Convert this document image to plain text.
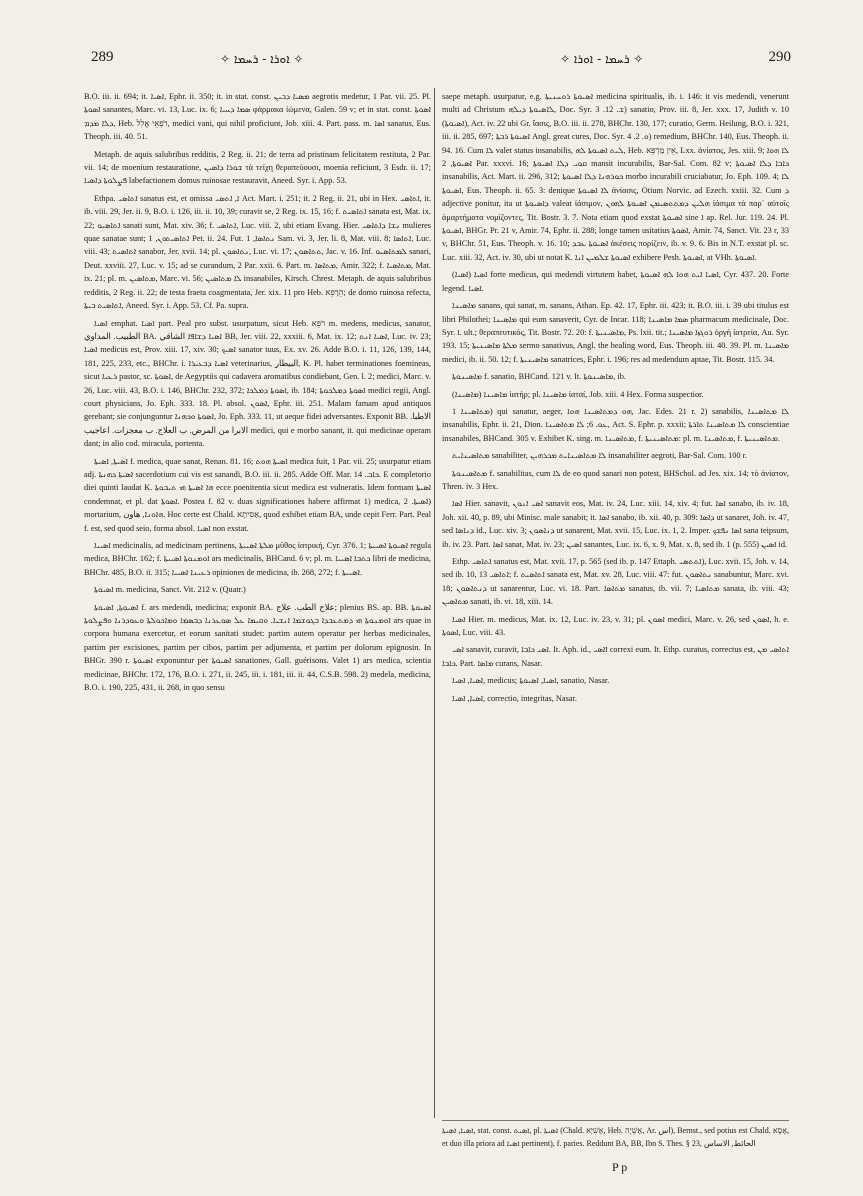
289	✧ ܐܘܪܐ - ܪܚܡܐ ✧	✧ ܪܚܡܐ - ܐܘܪܐ ✧	290

B.O. iii. ii. 694; it. ܐܣܝܐ, Ephr. ii. 350; it. in stat. const. ܡܣܝܐ ܕܒܝܢ aegrotis medetur, 1 Par. vii. 25. Pl. ܐܣܘܬܐ sanantes, Marc. vi. 13, Luc. ix. 6; ܣܡܐ ܕܚܝܐ φάρμακα ἰώμενα, Galen. 59 v; et in stat. const. ܐܣܘܬܐ ܕܠܐ ܡܕܡ, Heb. רֹפְאֵי אֱלִל, medici vani, qui nihil proficiunt, Job. xiii. 4. Part. pass. m. ܐܣܐ sanatus, Eus. Theoph. iii. 40. 51.

Metaph. de aquis salubribus redditis, 2 Reg. ii. 21; de terra ad pristinam felicitatem restituta, 2 Par. vii. 14; de moenium restauratione, ܫܘܪܐ ܕܐܣܝܢ τὰ τείχη θεραπεύουσι, moenia reficiunt, 3 Esdr. ii. 17; ܦܨܠܘܬܐ ܕܐܣܝܐ labefactionem domus ruinosae restauravit, Aneed. Syr. i. App. 53.

Ethpa. ܐܬܐܣܝ sanatus est, et omissa ܐ, ܐܬܣܝ Act. Mart. i. 251; it. 2 Reg. ii. 21, ubi in Hex. ܐܬܐܣܝ, it. ib. viii. 29, Jer. ii. 9, B.O. i. 126, iii. ii. 10, 39; curavit se, 2 Reg. ix. 15, 16; f. ܐܬܐܣܝܬ sanata est, Mat. ix. 22; ܐܬܐܣܝܘ sanati sunt, Mat. xiv. 36; f. ܐܬܐܣܝ, Luc. viii. 2, ubi etiam Evang. Hier. ܢܫܐ ܕܐܬܐܣܝ mulieres quae sanatae sunt; ܐܬܐܣܝܬܘܢ, 1 Pet. ii. 24. Fut. ܢܬܐܣܐ, 1 Sam. vi. 3, Jer. li. 8, Mat. viii. 8; ܐܬܐܣܐ, Luc. viii. 43; ܐܬܐܣܝܬ sanabor, Jer. xvii. 14; pl. ܢܬܐܣܘܢ, Luc. vi. 17; ܬܬܐܣܘܢ, Jac. v. 16. Inf. ܠܡܬܐܣܝܘ sanari, Deut. xxviii. 27, Luc. v. 15; ad se curandum, 2 Par. xxii. 6. Part. m. ܡܬܐܣܐ, Amir. 322; f. ܡܬܐܣܝܐ, Mat. ix. 21; pl. m. ܡܬܐܣܝܢ, Marc. vi. 56; ܠܐ ܡܬܐܣܝܢ insanabiles, Kirsch. Chrest. Metaph. de aquis salubribus redditis, 2 Reg. ii. 22; de testa fraeta coagmentata, Jer. xix. 11 pro Heb. הֵרָפֵא; de domo ruinosa refecta, ܐܬܐܣܝܬ ܒܝܬܐ, Aneed. Syr. i. App. 53. Cf. Pa. supra.

ܐܣܝܐ emphat. ܐܣܝܐ part. Peal pro subst. usurpatum, sicut Heb. רֹפֵא m. medens, medicus, sanator, الطبيب. المداوي BA. ܐܣܝܐ ܕܫܐܦܐ الشافي BB, Jer. viii. 22, xxxiii. 6, Mat. ix. 12; ܐܣܝܐ ܐܢܬ, Luc. iv. 23; ܐܣܝܐ medicus est, Prov. xiii. 17, xiv. 30; ܐܣܝܟ sanator tuus, Ex. xv. 26. Adde B.O. i. 11, 126, 139, 144, 181, 225, 233, etc., BHChr. i. ܐܣܝܐ ܕܒܥܝܪܐ veterinarius, البيطار, K. Pl. habet terminationes foemineas, sicut ܪܥܝܐ pastor, sc. ܐܣܘܬܐ, de Aegyptiis qui cadavera aromatibus condiebant, Gen. l. 2; medici, Marc. v. 26, Luc. viii. 43, B.O. i. 146, BHChr. 232, 372; ܐܣܘܬܐ ܕܡܠܟܐ, ib. 184; ܐܣܘܬܐ ܕܡܠܟܘܬܐ medici regii, Angl. court physicians, Jo. Eph. 333. 18. Pl. absol. ܐܣܘܢ, Ephr. iii. 251. Malam famam apud antiquos gerebant; sie conjunguntur ܐܣܘܬܐ ܘܟܗܢܐ, Jo. Eph. 333. 11, ut aeque fidei adversantes. Exponit BB. الاطبا. الابرا من المرض. ب العلاج. ب معجزات. اعاجيب medici, qui e morbo sanant, it. qui medicinae operam dant; in alio cod. miracula, portenta.

ܐܣܝܬܐ, ܐܣܝܬܐ f. medica, quae sanat, Renan. 81. 16; ܐܣܝܬܐ ܗܘܬ medica fuit, 1 Par. vii. 25; usurpatur etiam adj. ܐܣܝܬܐ ܟܗܢܬܐ sacerdotium cui vis est sanandi, B.O. iii. ii. 285. Adde Off. Mar. ܟܐܒ. 14. E completorio diei quinti laudat K. ܗܐ ܐܣܝܬܐ ܗܝ ܬܝܒܘܬܐ ecce poenitentia sicut medica est vulneratis. Idem formam ܐܣܝܬܐ condemnat, et pl. dat ܐܣܘܬܐ. Postea f. 82 v. duas significationes habere affirmat 1) medica, ܐܣܝܬܐ. 2) mortarium, ܗܐܘܢܐ, هاون. Hoc certe est Chald. אַסִיתָא, quod exhibet etiam BA, unde cepit Ferr. Part. Peal f. est, sed quod seio, forma absol. ܐܣܝܐ non exstat.

ܐܣܝܝܐ medicinalis, ad medicinam pertinens, ܡܠܬܐ ܐܣܝܝܬܐ μῦθος ἰατρική, Cyr. 376. 1; ܐܣܝܘܬܐ ܐܣܝܝܬܐ regula medica, BHChr. 162; f. ܐܘܡܢܘܬܐ ܐܣܝܝܬܐ ars medicinalis, BHCand. 6 v; pl. m. ܟܬܒܐ ܐܣܝܝܐ libri de medicina, BHChr. 485, B.O. ii. 315; ܪܥܝܢܐ ܐܣܝܝܐ opiniones de medicina, ib. 268, 272; f. ܐܣܝܝܬܐ.

ܐܣܝܘܬܐ m. medicina, Sanct. Vit. 212 v. (Quatr.)

ܐܣܝܘܬܐ, ܐܣܝܘܬܐ f. ars medendi, medicina; exponit BA. علاج الطب. علاج; plenius BS. ap. BB. ܐܣܝܘܬܐ ܐܘܡܢܘܬܐ ܗܝ ܕܡܬܥܒܕܐ ܒܓܘܫܡܐ ܐܢܫܝܐ. ܘܩܝܡܐ ܥܠ ܣܘܥܪܢܐ ܕܒܣܡܐ ܘܡܐܟܘܠܬܐ ܘܥܘܕܪܢܐ ܘܦܨܠܘܬܐ ars quae in corpora humana exercetur, et eorum sanitati studet: partim autem operatur per herbas medicinales, partim per excisiones, partim per cibos, partim per adjumenta, et partim per dolorum epignosin. In BHGr. 390 r. ܐܣܝܘܬܐ exponuntur per ܐܣܝܘܬܐ sanationes, Gall. guérisons. Valet 1) ars medica, scientia medicinae, BHChr. 172, 176, B.O. i. 271, ii. 245, iii. i. 181, iii. ii. 44, C.S.B. 598. 2) medela, medicina, B.O. i. 190, 225, 431, ii. 268, in quo sensu

saepe metaph. usurpatur, e.g. ܐܣܝܘܬܐ ܪܘܚܢܝܬܐ medicina spiritualis, ib. i. 146: it vis medendi, venerunt multi ad Christum ܠܐܣܝܘܬܐ ܕܝܠܗ, Doc. Syr. ܫ. 12. 3) sanatio, Prov. iii. 8, Jer. xxx. 17, Judith v. 10 (ܐܣܝܘܬܐ), Act. iv. 22 ubi Gr. ἴασις, B.O. iii. ii. 278, BHChr. 130, 177; curatio, Germ. Heilung, B.O. i. 321, iii. ii. 285, 697; ܐܣܝܘܬܐ ܪܒܬܐ Angl. great cures, Doc. Syr. ܘ. 2. 4) remedium, BHChr. 140, Eus. Theoph. ii. 94. 16. Cum ܠܐ valet status insanabilis, ܠܝܬ ܐܣܝܘܬܐ ܠܗ, Heb. אֵין מַרְפֵּא, Lxx. ἀνίατος, Jes. xiii. 9; ܠܐ ܗܘܐ ܐܣܝܘܬܐ, 2 Par. xxxvi. 16; ܩܘܝ ܕܠܐ ܐܣܝܘܬܐ mansit incurabilis, Bar-Sal. Com. 82 v; ܟܐܒܐ ܕܠܐ ܐܣܝܘܬܐ insanabilis, Act. Mart. ii. 296, 312; ܟܘܪܗܢܐ ܕܠܐ ܐܣܝܘܬܐ morbo incurabili cruciabatur, Jo. Eph. 109. 4; ܠܐ ܐܣܝܘܬܐ, Eus. Theoph. ii. 65. 3: denique ܠܐ ܐܣܝܘܬܐ ἀνίασις, Otium Norvic. ad Ezech. xxiii. 32. Cum ܕ adjective ponitur, ita ut ܕܐܣܝܘܬܐ valeat ἰάσιμον, ܗܠܝܢ ܕܡܬܬܣܝܡܢ ܐܣܝܘܬܐ ܠܗܘܢ ἰάσιμα τὰ παρ᾽ αὐτοῖς ἁμαρτήματα νομίζοντες, Tit. Bostr. 3. 7. Nota etiam quod exstat ܐܣܝܘܬܐ sine ܐ ap. Rel. Jur. 119. 24. Pl. ܐܣܝܘܬܐ, BHGr. Pr. 21 v, Amir. 74, Ephr. ii. 288; longe tamen usitatius ܐܣܘܬܐ, Amir. 74, Sanct. Vit. 23 r, 33 v, BHChr. 51, Eus. Theoph. v. 16. 10; ܐܣܝܘܬܐ ܥܒܕ ἀκέσεις πορίζειν, ib. v. 9. 6. Bis in N.T. exstat pl. sc. Luc. xiii. 32, Act. iv. 30, ubi ut notat K. ܐܣܝܘܬܐ ܫܠܡܝܢ ܐܢܐ exhibere Pesh. ܐܣܝܘܬܐ, at VHh. ܐܣܝܘܬܐ.

ܐܣܝܐ (ܐܣܝܐ) forte medicus, qui medendi virtutem habet, ܐܣܝܐ ܐܝܬ ܗܘܐ ܠܗ ܐܣܝܘܬܐ, Cyr. 437. 20. Forte legend. ܐܣܝܐ.

ܡܐܣܝܢܐ sanans, qui sanat, m. sanans, Athan. Ep. 42. 17, Ephr. iii. 423; it. B.O. iii. i. 39 ubi titulus est libri Philothei; ܡܐܣܝܢܐ qui eum sanaverit, Cyr. de Incar. 118; ܣܡܐ ܡܐܣܝܢܐ pharmacum medicinale, Doc. Syr. ܐ. ult.; θεραπευτικός, Tit. Bostr. 72. 20: f. ܡܐܣܝܢܝܬܐ, Ps. lxii. tit.; ܪܘܓܙܐ ܡܐܣܝܢܐ ὀργὴ ἰατρεία, Au. Syr. 193. 15; ܡܠܬܐ ܡܐܣܝܢܝܬܐ sermo sanativus, Angl. the healing word, Eus. Theoph. iii. 40. 39. Pl. m. ܡܐܣܝܢܐ medici, ib. ii. 50. 12; f. ܡܐܣܝܢܝܬܐ sanatrices, Ephr. i. 196; res ad medendum aptae, Tit. Bostr. 115. 34.

ܡܐܣܝܢܘܬܐ f. sanatio, BHCand. 121 v. It. ܡܐܣܝܢܘܬܐ, ib.

ܡܐܣܝܢܐ (ܡܐܣܝܢܐ) ἰατήρ; pl. ܡܐܣܝܢܐ ἰαταί, Job. xiii. 4 Hex. Forma suspectior.

ܡܬܐܣܝܢܐ 1) qui sanatur, aeger, ܗܘ ܕܡܬܐܣܝܢܐ ܗܘܐ, Jac. Edes. 21 r. 2) sanabilis, ܠܐ ܡܬܐܣܝܢܐ insanabilis, Ephr. ii. 21, Dion. ܥܘ. 6; ܠܐ ܡܬܐܣܝܢܐ, Act. S. Ephr. p. xxxii; ܠܐ ܡܬܐܣܝܢܐ ܬܐܪܬܐ conscientiae insanabiles, BHCand. 305 v. Exhibet K. sing. m. ܡܬܐܣܝܢܐ, f. ܡܬܐܣܝܢܝܬܐ: pl. m. ܡܬܐܣܝܢܐ, f. ܡܬܐܣܝܢܝܬܐ.

ܡܬܐܣܝܢܐܝܬ sanabiliter, ܠܐ ܡܬܐܣܝܢܐܝܬ ܡܟܪܗܝܢ insanabiliter aegroti, Bar-Sal. Com. 100 r.

ܡܬܐܣܝܢܘܬܐ f. sanabilitas, cum ܠܐ de eo quod sanari non potest, BHSchol. ad Jes. xix. 14; τὸ ἀνίατον, Thren. iv. 3 Hex.

ܐܣܐ Hier. sanavit, ܐܣܝ ܐܢܘܢ sanavit eos, Mat. iv. 24, Luc. xiii. 14, xiv. 4; fut. ܐܣܐ sanabo, ib. iv. 18, Joh. xii. 40, p. 89, ubi Minisc. male sanabit; it. ܐܣܐ sanabo, ib. xii. 40, p. 309: ܕܐܣܐ ut sanaret, Joh. iv. 47, sed ܕܢܐܣܐ id., Luc. xiv. 3; ܕܢܐܣܘܢ ut sanarent, Mat. xvii. 15, Luc. ix. 1, 2. Imper. ܐܣܐ ܢܦܫܟ sana teipsum, ib. iv. 23. Part. ܐܣܐ sanat, Mat. iv. 23; ܐܣܝܢ sanantes, Luc. ix. 6, x. 9, Mat. x. 8, sed ib. 1 (p. 555) ܐܣܝܢ id.

Ethp. ܐܬܐܣܝ sanatus est, Mat. xvii. 17, p. 565 (sed ib. p. 147 Ettaph. ܐܬܬܣܝ), Luc. xvii. 15, Joh. v. 14, sed ib. 10, 13 ܐܬܐܣܝ; f. ܐܬܐܣܝܬ sanata est, Mat. xv. 28, Luc. viii. 47: fut. ܢܬܐܣܘܢ sanabuntur, Marc. xvi. 18; ܕܢܬܐܣܘܢ ut sanarentur, Luc. vi. 18. Part. ܡܬܐܣܐ sanatus, ib. vii. 7; ܡܬܐܣܝܐ sanata, ib. viii. 43; ܡܬܐܣܝܢ sanati, ib. vi. 18, xiii. 14.

ܐܣܝܐ Hier. m. medicus, Mat. ix. 12, Luc. iv. 23, v. 31; pl. ܐܣܘܢ medici, Marc. v. 26, sed ܐܣܘܢ, h. e. ܐܣܘܬܐ, Luc. viii. 43.

ܐܣܝ sanavit, curavit, ܐܣܝ ܟܐܒܐ. It. Aph. id., ܐܐܣܝ correxi eum. It. Ethp. curatus, correctus est, ܐܬܐܣܝ ܡܢ ܟܐܒܐ. Part. ܡܐܣܐ curans, Nasar.

ܐܣܝܐ, ܐܣܝܐ, medicus; ܐܣܝܐ, ܐܣܝܘܬܐ, sanatio, Nasar.

ܐܣܝܐ, ܐܣܝܐ, correctio, integritas, Nasar.

ܐܣܝܐ, ܐܣܝܬܐ, stat. const. ܐܣܝܬ, pl. ܐܣܝܬܐ (Chald. אָשִׁיָּא, Heb. אָשְׁיָה, Ar. اس), Bernst., sed potius est Chald. אָסָא, et duo illa priora ad ܐܣܝܐ pertinent), f. paries. Reddunt BA, BB, Ibn S. Thes. § 23, الحائط, الاساس
P p
